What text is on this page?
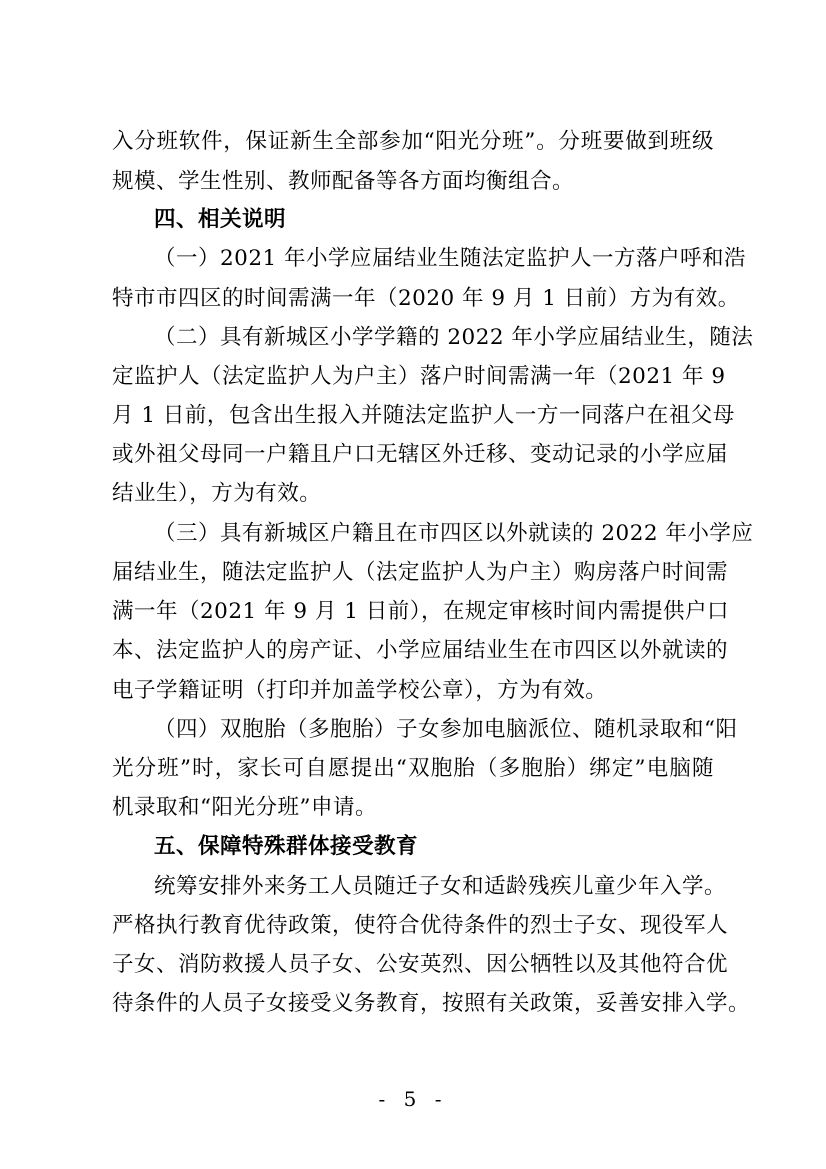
入分班软件，保证新生全部参加“阳光分班”。分班要做到班级
规模、学生性别、教师配备等各方面均衡组合。
四、相关说明
（一）2021 年小学应届结业生随法定监护人一方落户呼和浩
特市市四区的时间需满一年（2020 年 9 月 1 日前）方为有效。
（二）具有新城区小学学籍的 2022 年小学应届结业生，随法
定监护人（法定监护人为户主）落户时间需满一年（2021 年 9
月 1 日前，包含出生报入并随法定监护人一方一同落户在祖父母
或外祖父母同一户籍且户口无辖区外迁移、变动记录的小学应届
结业生），方为有效。
（三）具有新城区户籍且在市四区以外就读的 2022 年小学应
届结业生，随法定监护人（法定监护人为户主）购房落户时间需
满一年（2021 年 9 月 1 日前），在规定审核时间内需提供户口
本、法定监护人的房产证、小学应届结业生在市四区以外就读的
电子学籍证明（打印并加盖学校公章），方为有效。
（四）双胞胎（多胞胎）子女参加电脑派位、随机录取和“阳
光分班”时，家长可自愿提出“双胞胎（多胞胎）绑定”电脑随
机录取和“阳光分班”申请。
五、保障特殊群体接受教育
统筹安排外来务工人员随迁子女和适龄残疾儿童少年入学。
严格执行教育优待政策，使符合优待条件的烈士子女、现役军人
子女、消防救援人员子女、公安英烈、因公牺牲以及其他符合优
待条件的人员子女接受义务教育，按照有关政策，妥善安排入学。
- 5 -
